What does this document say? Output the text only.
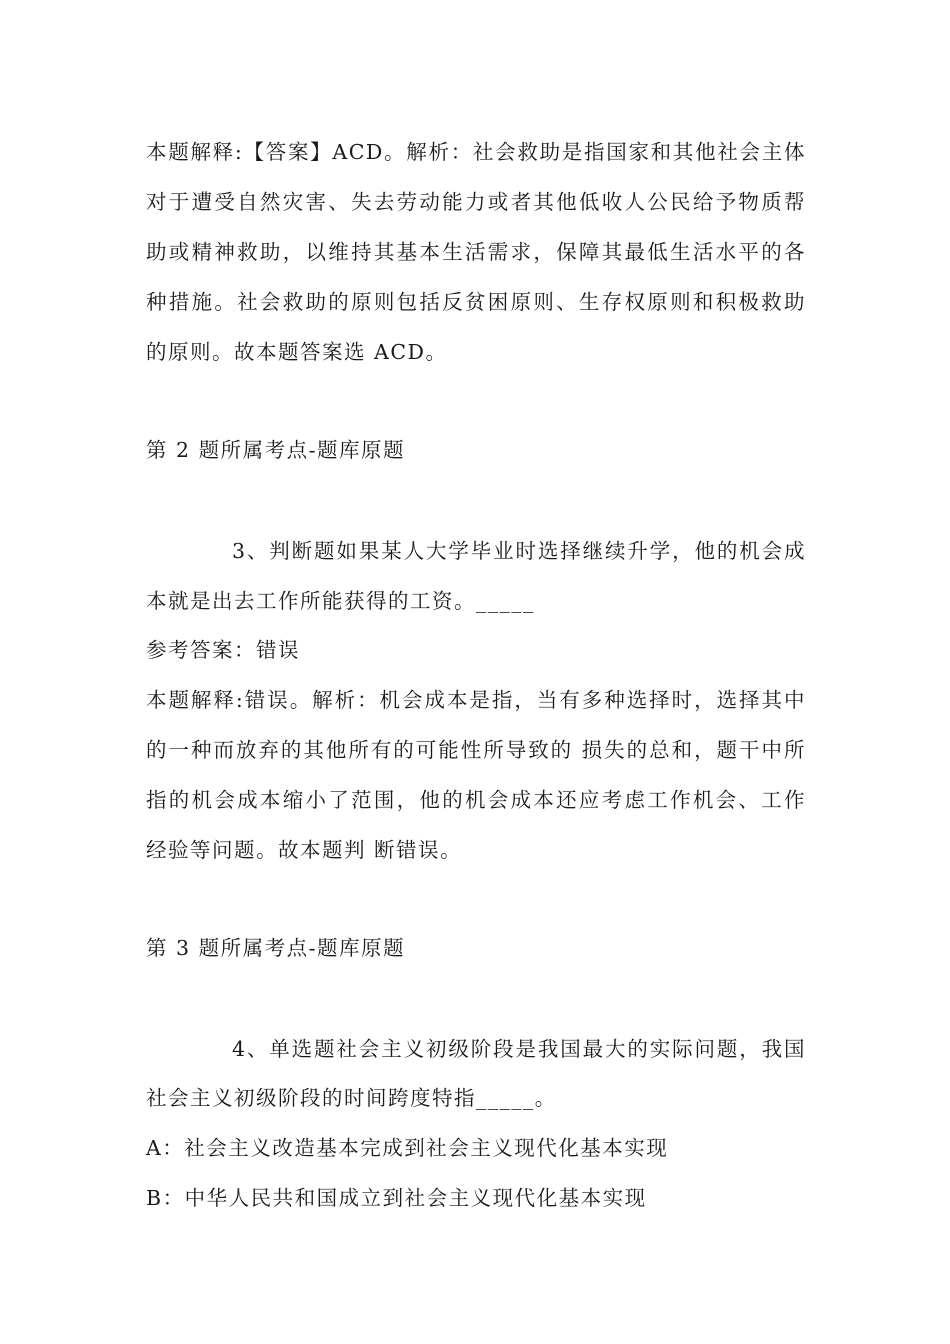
本题解释:【答案】ACD。解析：社会救助是指国家和其他社会主体
对于遭受自然灾害、失去劳动能力或者其他低收人公民给予物质帮
助或精神救助，以维持其基本生活需求，保障其最低生活水平的各
种措施。社会救助的原则包括反贫困原则、生存权原则和积极救助
的原则。故本题答案选 ACD。
第 2 题所属考点-题库原题
3、判断题如果某人大学毕业时选择继续升学，他的机会成
本就是出去工作所能获得的工资。_____
参考答案：错误
本题解释:错误。解析：机会成本是指，当有多种选择时，选择其中
的一种而放弃的其他所有的可能性所导致的 损失的总和，题干中所
指的机会成本缩小了范围，他的机会成本还应考虑工作机会、工作
经验等问题。故本题判 断错误。
第 3 题所属考点-题库原题
4、单选题社会主义初级阶段是我国最大的实际问题，我国
社会主义初级阶段的时间跨度特指_____。
A：社会主义改造基本完成到社会主义现代化基本实现
B：中华人民共和国成立到社会主义现代化基本实现
